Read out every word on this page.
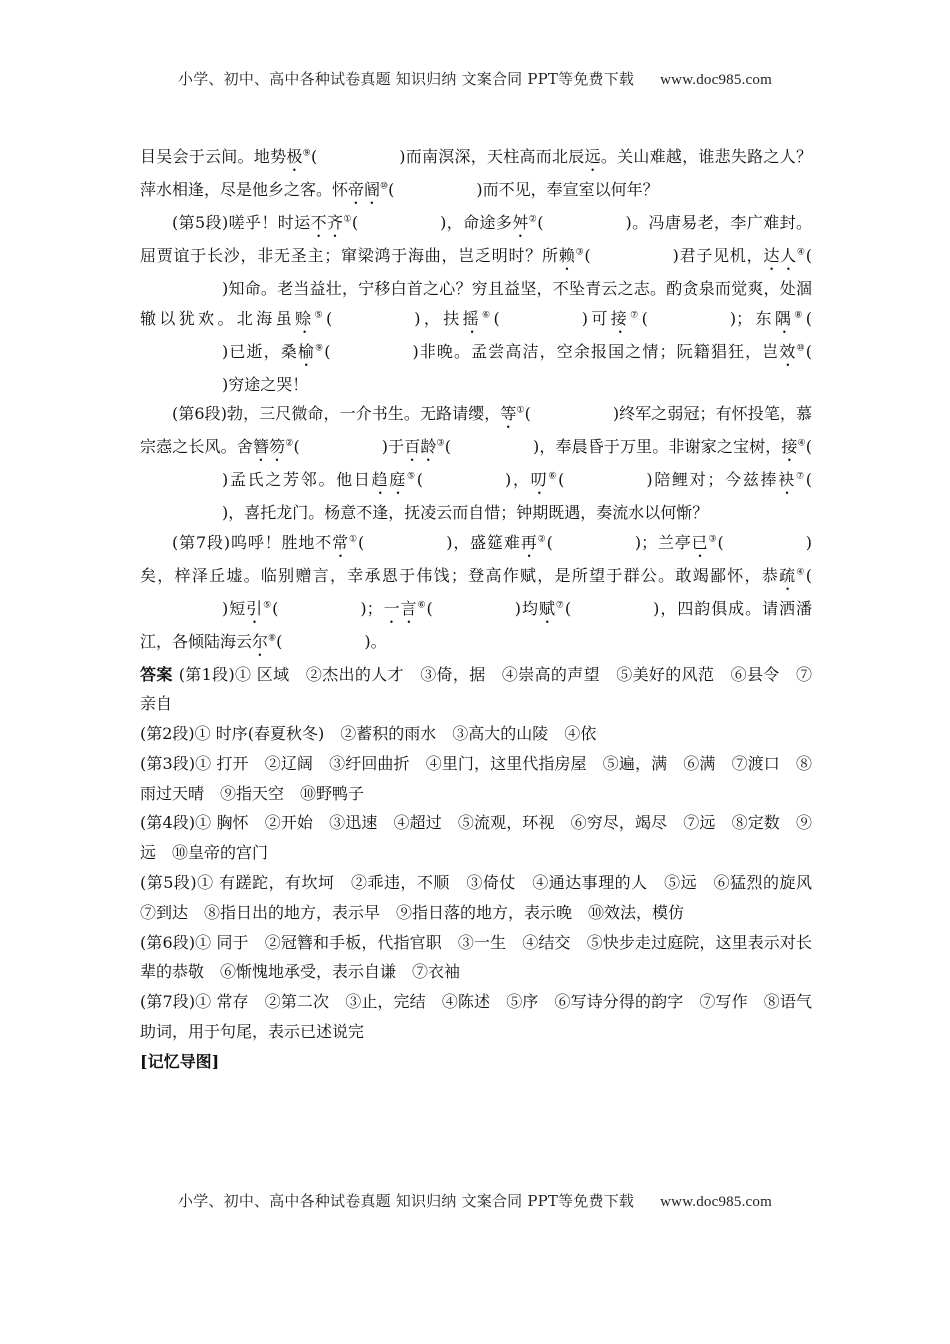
小学、初中、高中各种试卷真题 知识归纳 文案合同 PPT等免费下载 www.doc985.com

目吴会于云间。地势极⑨(	)而南溟深，天柱高而北辰远。关山难越，谁悲失路之人？萍水相逢，尽是他乡之客。怀帝阍⑩(	)而不见，奉宣室以何年？

(第5段)嗟乎！时运不齐①(	)，命途多舛②(	)。冯唐易老，李广难封。屈贾谊于长沙，非无圣主；窜梁鸿于海曲，岂乏明时？所赖③(	)君子见机，达人④()知命。老当益壮，宁移白首之心？穷且益坚，不坠青云之志。酌贪泉而觉爽，处涸辙以犹欢。北海虽赊⑤(	)，扶摇⑥(	)可接⑦(	)；东隅⑧()已逝，桑榆⑨(	)非晚。孟尝高洁，空余报国之情；阮籍猖狂，岂效⑩()穷途之哭！

(第6段)勃，三尺微命，一介书生。无路请缨，等①(	)终军之弱冠；有怀投笔，慕宗悫之长风。舍簪笏②(	)于百龄③(	)，奉晨昏于万里。非谢家之宝树，接④()孟氏之芳邻。他日趋庭⑤(	)，叨⑥(	)陪鲤对；今兹捧袂⑦()，喜托龙门。杨意不逢，抚凌云而自惜；钟期既遇，奏流水以何惭？

(第7段)呜呼！胜地不常①(	)，盛筵难再②(	)；兰亭已③(	)矣，梓泽丘墟。临别赠言，幸承恩于伟饯；登高作赋，是所望于群公。敢竭鄙怀，恭疏④()短引⑤(	)；一言⑥(	)均赋⑦(	)，四韵俱成。请洒潘江，各倾陆海云尔⑧(	)。

答案 (第1段)① 区域　②杰出的人才　③倚，据　④崇高的声望　⑤美好的风范　⑥县令　⑦亲自

(第2段)① 时序(春夏秋冬)　②蓄积的雨水　③高大的山陵　④依

(第3段)① 打开　②辽阔　③纡回曲折　④里门，这里代指房屋　⑤遍，满　⑥满　⑦渡口　⑧雨过天晴　⑨指天空　⑩野鸭子

(第4段)① 胸怀　②开始　③迅速　④超过　⑤流观，环视　⑥穷尽，竭尽　⑦远　⑧定数　⑨远　⑩皇帝的宫门

(第5段)① 有蹉跎，有坎坷　②乖违，不顺　③倚仗　④通达事理的人　⑤远　⑥猛烈的旋风　⑦到达　⑧指日出的地方，表示早　⑨指日落的地方，表示晚　⑩效法，模仿

(第6段)① 同于　②冠簪和手板，代指官职　③一生　④结交　⑤快步走过庭院，这里表示对长辈的恭敬　⑥惭愧地承受，表示自谦　⑦衣袖

(第7段)① 常存　②第二次　③止，完结　④陈述　⑤序　⑥写诗分得的韵字　⑦写作　⑧语气助词，用于句尾，表示已述说完

[记忆导图]

小学、初中、高中各种试卷真题 知识归纳 文案合同 PPT等免费下载 www.doc985.com
